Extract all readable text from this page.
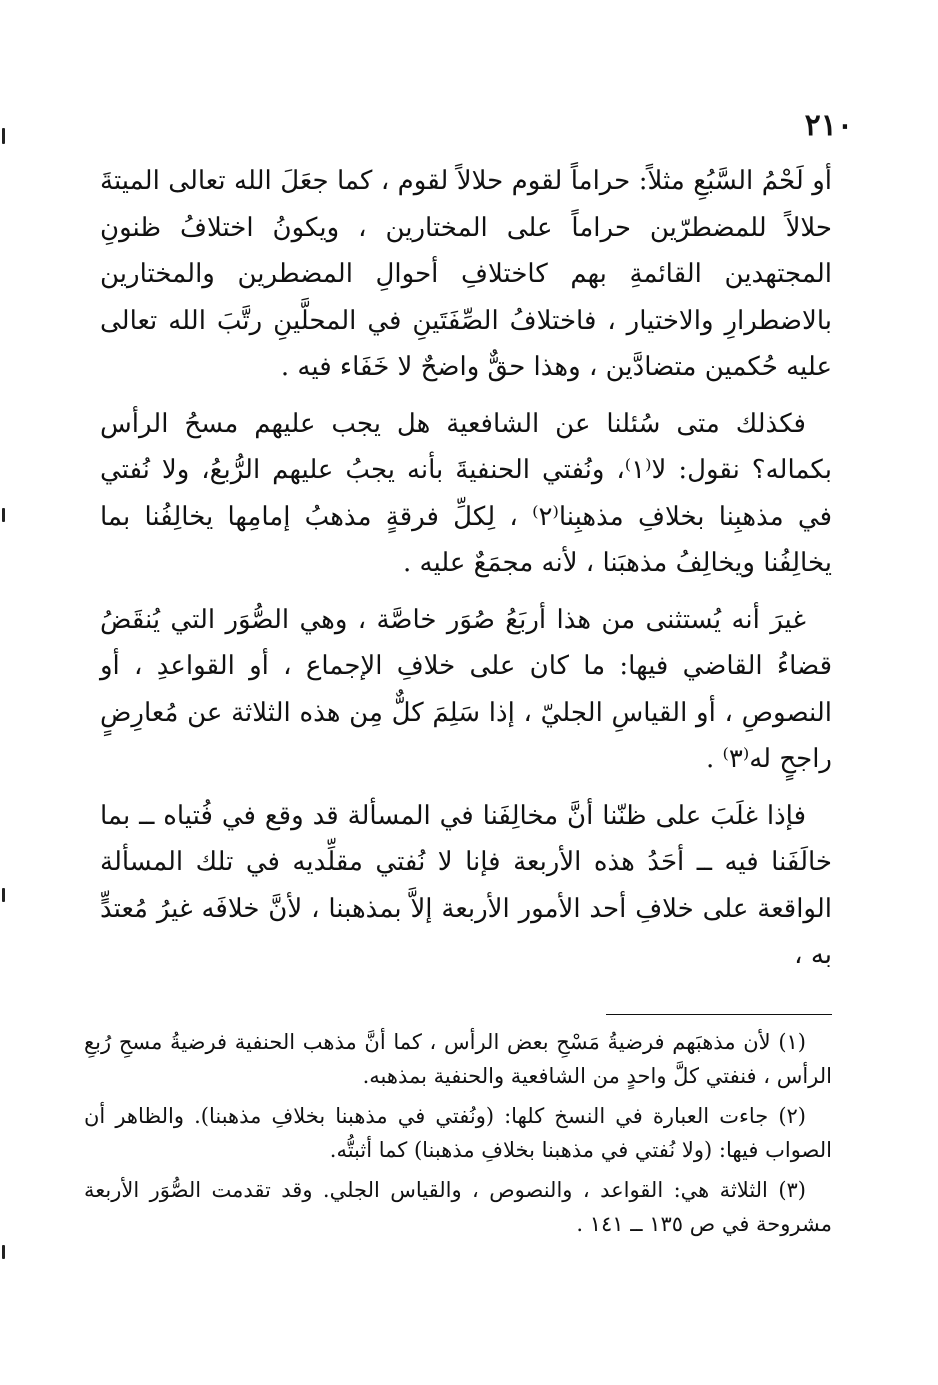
٢١٠

أو لَحْمُ السَّبُعِ مثلاً: حراماً لقوم حلالاً لقوم ، كما جعَلَ الله تعالى الميتةَ حلالاً للمضطرّين حراماً على المختارين ، ويكونُ اختلافُ ظنونِ المجتهدين القائمةِ بهم كاختلافِ أحوالِ المضطرين والمختارين بالاضطرارِ والاختيار ، فاختلافُ الصِّفَتَينِ في المحلَّينِ رتَّبَ الله تعالى عليه حُكمين متضادَّين ، وهذا حقٌّ واضحٌ لا خَفَاء فيه .

فكذلك متى سُئلنا عن الشافعية هل يجب عليهم مسحُ الرأس بكماله؟ نقول: لا⁽١⁾، ونُفتي الحنفيةَ بأنه يجبُ عليهم الرُّبعُ، ولا نُفتي في مذهبِنا بخلافِ مذهبِنا⁽٢⁾ ، لِكلِّ فرقةٍ مذهبُ إمامِها يخالِفُنا بما يخالِفُنا ويخالِفُ مذهبَنا ، لأنه مجمَعٌ عليه .

غيرَ أنه يُستثنى من هذا أربَعُ صُوَر خاصَّة ، وهي الصُّوَر التي يُنقَضُ قضاءُ القاضي فيها: ما كان على خلافِ الإجماع ، أو القواعدِ ، أو النصوصِ ، أو القياسِ الجليّ ، إذا سَلِمَ كلٌّ مِن هذه الثلاثة عن مُعارِضٍ راجحٍ له⁽٣⁾ .

فإذا غلَبَ على ظنّنا أنَّ مخالِفَنا في المسألة قد وقع في فُتياه ــ بما خالَفَنا فيه ــ أحَدُ هذه الأربعة فإنا لا نُفتي مقلِّديه في تلك المسألة الواقعة على خلافِ أحد الأمور الأربعة إلاَّ بمذهبنا ، لأنَّ خلافَه غيرُ مُعتدٍّ به ،

(١) لأن مذهبَهم فرضيةُ مَسْحِ بعض الرأس ، كما أنَّ مذهب الحنفية فرضيةُ مسحِ رُبعِ الرأس ، فنفتي كلَّ واحدٍ من الشافعية والحنفية بمذهبه.

(٢) جاءت العبارة في النسخ كلها: (ونُفتي في مذهبنا بخلافِ مذهبنا). والظاهر أن الصواب فيها: (ولا نُفتي في مذهبنا بخلافِ مذهبنا) كما أثبتُّه.

(٣) الثلاثة هي: القواعد ، والنصوص ، والقياس الجلي. وقد تقدمت الصُّوَر الأربعة مشروحة في ص ١٣٥ ــ ١٤١ .
